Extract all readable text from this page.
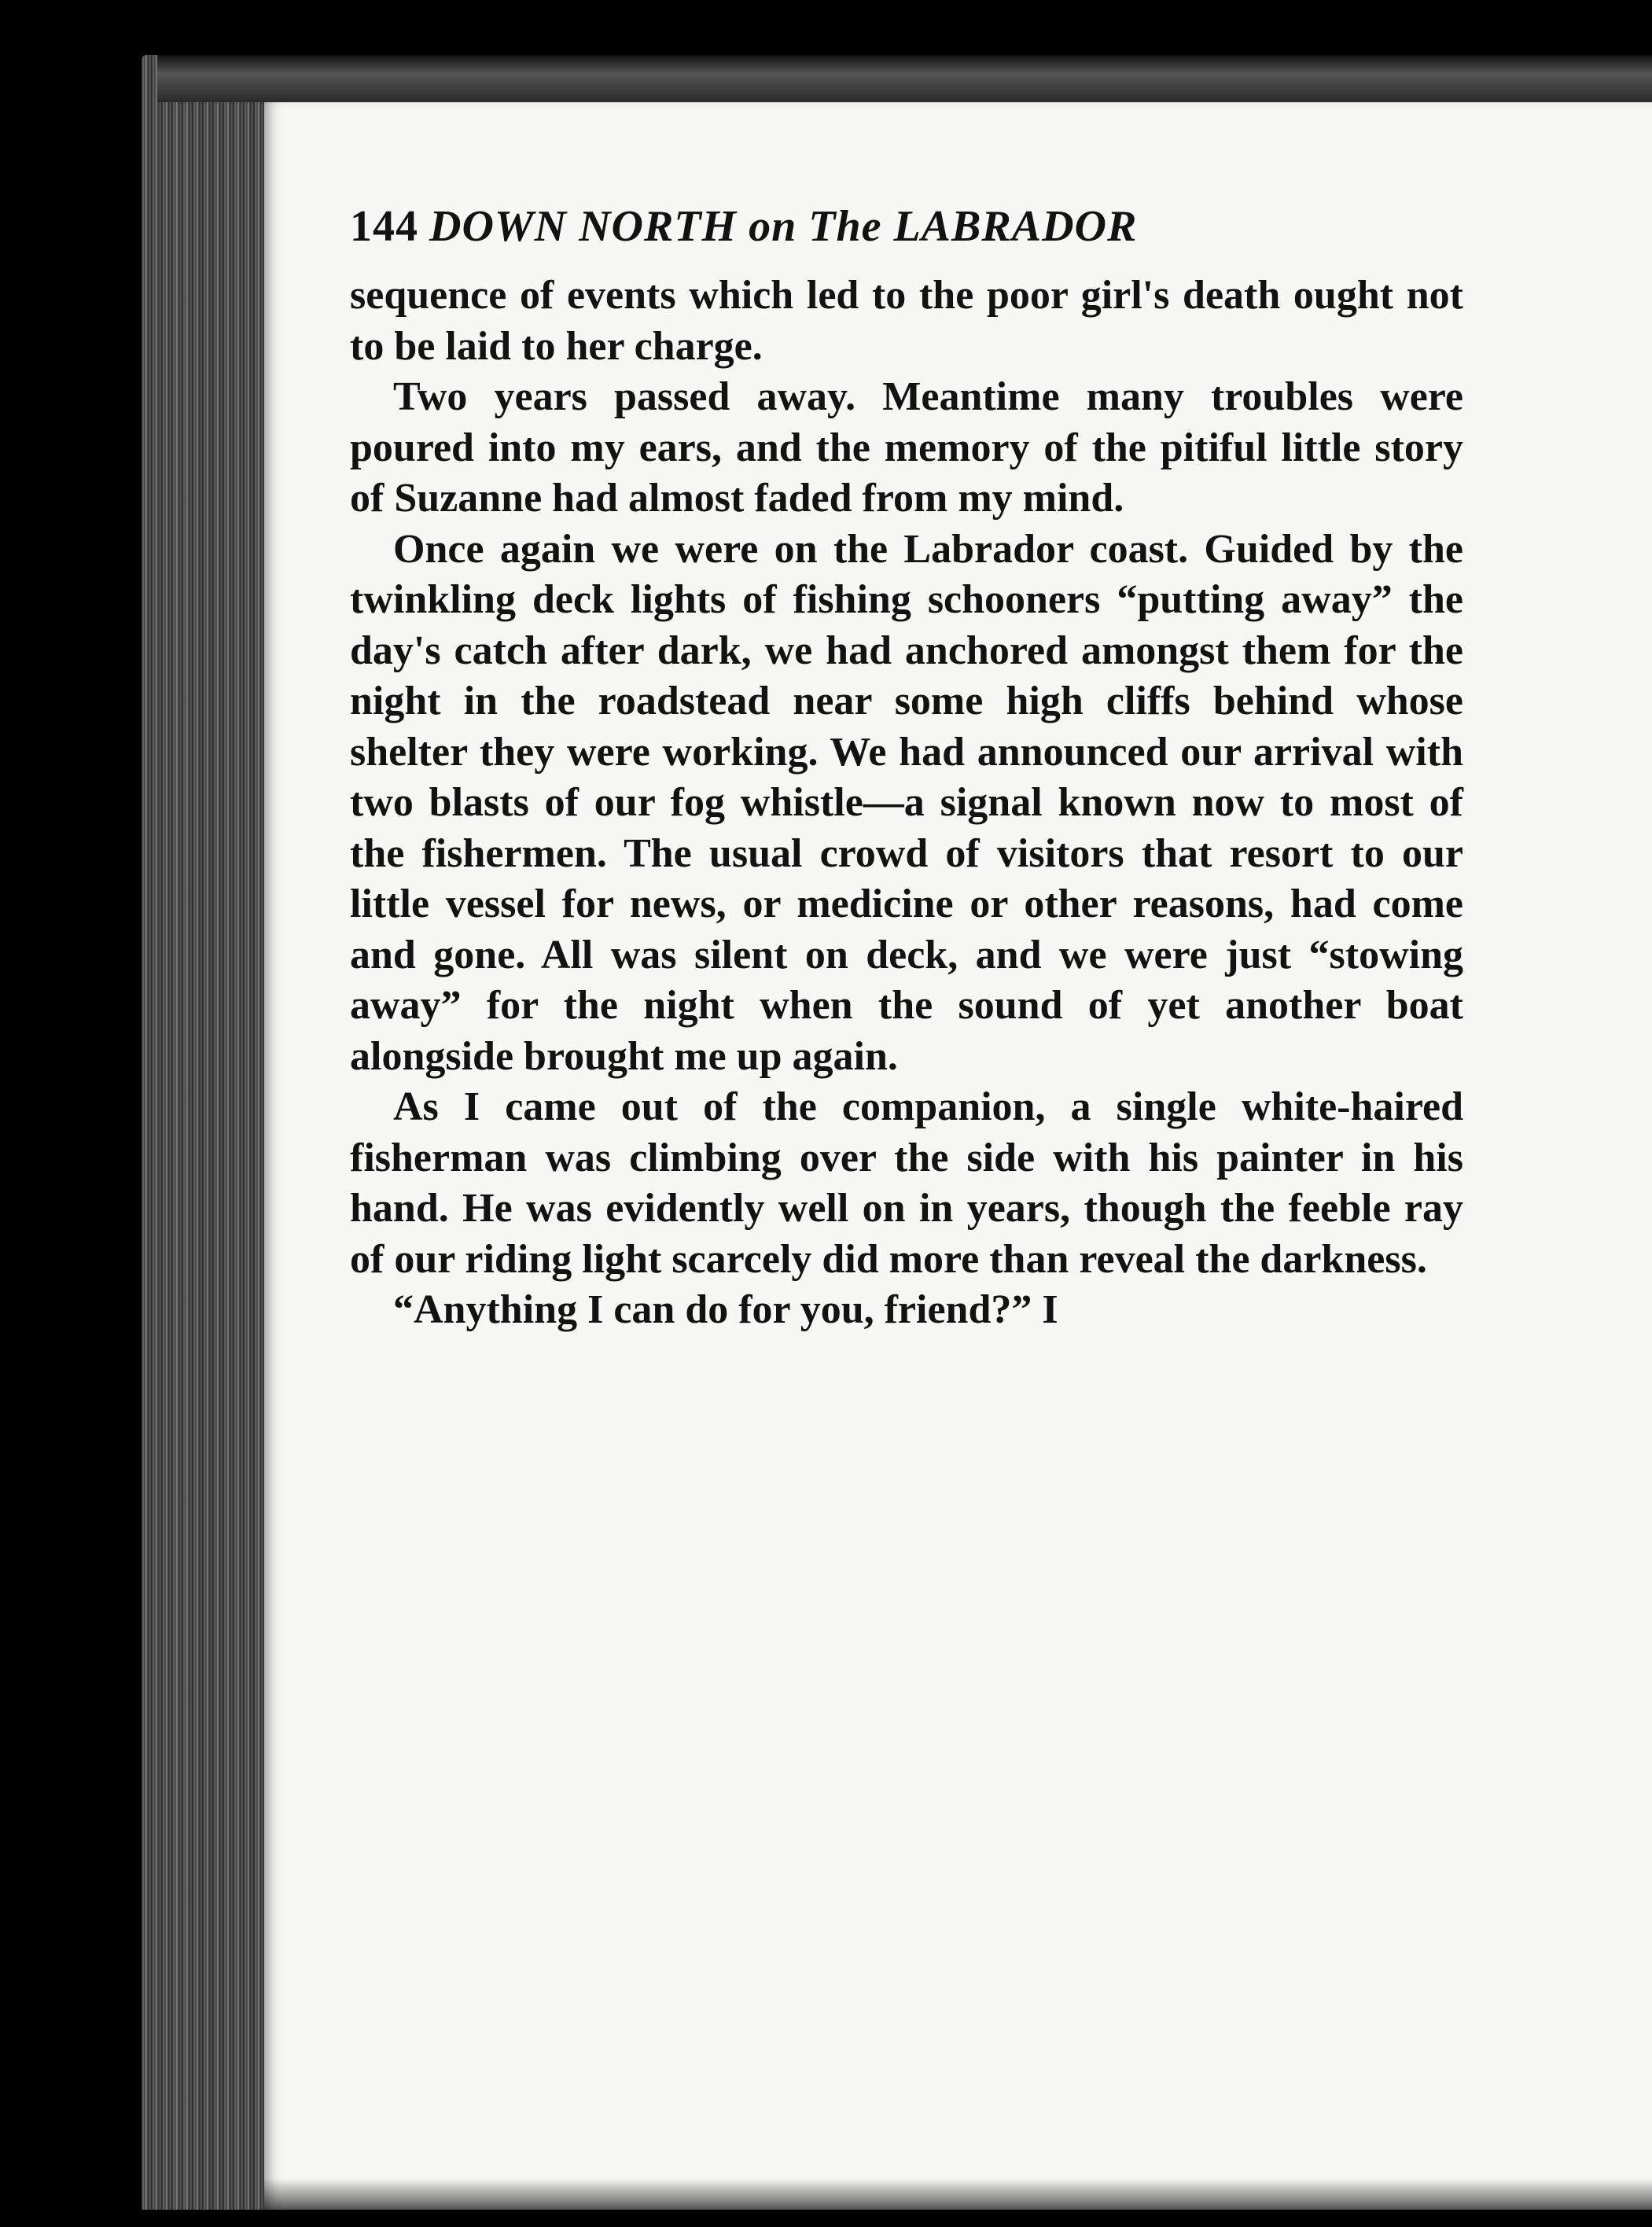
144 DOWN NORTH on The LABRADOR

sequence of events which led to the poor girl's death ought not to be laid to her charge.

Two years passed away. Meantime many troubles were poured into my ears, and the memory of the pitiful little story of Suzanne had almost faded from my mind.

Once again we were on the Labrador coast. Guided by the twinkling deck lights of fishing schooners “putting away” the day's catch after dark, we had anchored amongst them for the night in the roadstead near some high cliffs behind whose shelter they were working. We had announced our arrival with two blasts of our fog whistle—a signal known now to most of the fishermen. The usual crowd of visitors that resort to our little vessel for news, or medicine or other reasons, had come and gone. All was silent on deck, and we were just “stowing away” for the night when the sound of yet another boat alongside brought me up again.

As I came out of the companion, a single white-haired fisherman was climbing over the side with his painter in his hand. He was evidently well on in years, though the feeble ray of our riding light scarcely did more than reveal the darkness.

“Anything I can do for you, friend?” I
